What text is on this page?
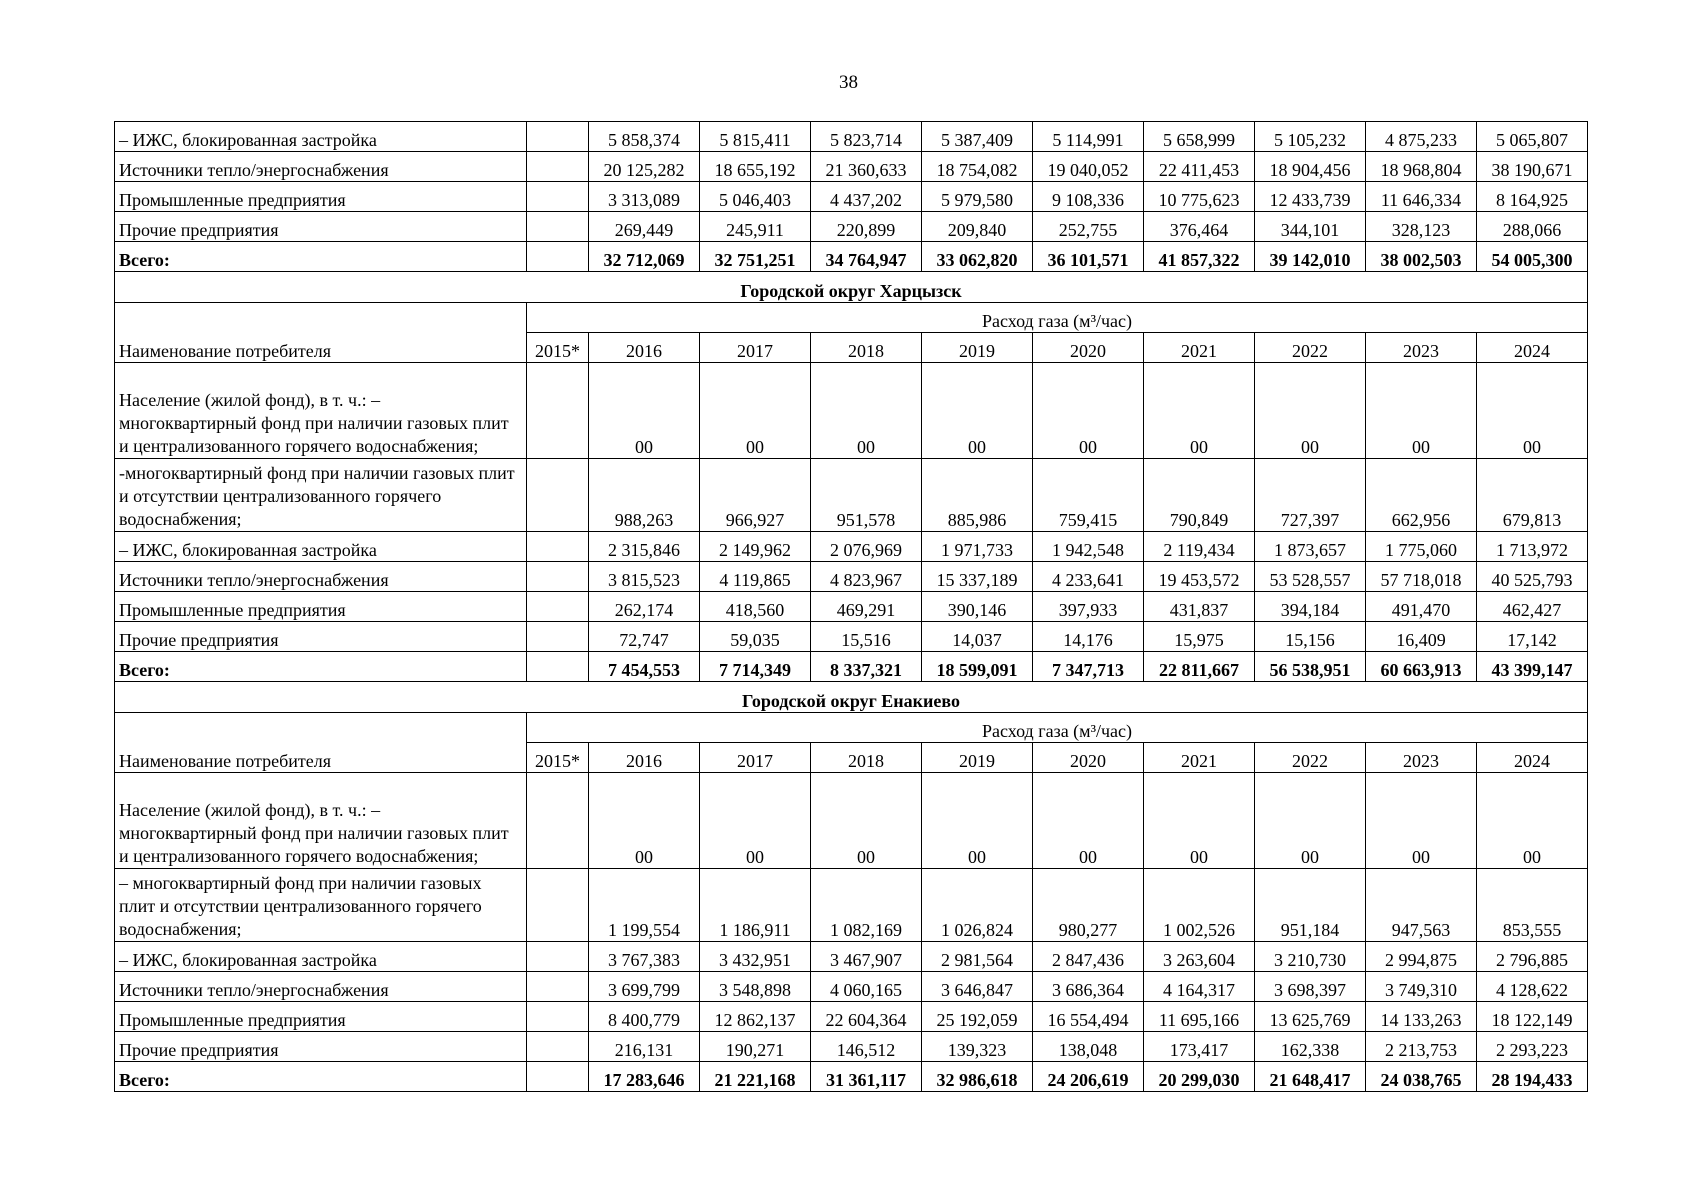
38
– ИЖС, блокированная застройка		5 858,374	5 815,411	5 823,714	5 387,409	5 114,991	5 658,999	5 105,232	4 875,233	5 065,807
Источники тепло/энергоснабжения		20 125,282	18 655,192	21 360,633	18 754,082	19 040,052	22 411,453	18 904,456	18 968,804	38 190,671
Промышленные предприятия		3 313,089	5 046,403	4 437,202	5 979,580	9 108,336	10 775,623	12 433,739	11 646,334	8 164,925
Прочие предприятия		269,449	245,911	220,899	209,840	252,755	376,464	344,101	328,123	288,066
Всего:		32 712,069	32 751,251	34 764,947	33 062,820	36 101,571	41 857,322	39 142,010	38 002,503	54 005,300
Городской округ Харцызск										
Наименование потребителя	Расход газа (м³/час)									
	2015*	2016	2017	2018	2019	2020	2021	2022	2023	2024
Население (жилой фонд), в т. ч.: – многоквартирный фонд при наличии газовых плит и централизованного горячего водоснабжения;		00	00	00	00	00	00	00	00	00
-многоквартирный фонд при наличии газовых плит и отсутствии централизованного горячего водоснабжения;		988,263	966,927	951,578	885,986	759,415	790,849	727,397	662,956	679,813
– ИЖС, блокированная застройка		2 315,846	2 149,962	2 076,969	1 971,733	1 942,548	2 119,434	1 873,657	1 775,060	1 713,972
Источники тепло/энергоснабжения		3 815,523	4 119,865	4 823,967	15 337,189	4 233,641	19 453,572	53 528,557	57 718,018	40 525,793
Промышленные предприятия		262,174	418,560	469,291	390,146	397,933	431,837	394,184	491,470	462,427
Прочие предприятия		72,747	59,035	15,516	14,037	14,176	15,975	15,156	16,409	17,142
Всего:		7 454,553	7 714,349	8 337,321	18 599,091	7 347,713	22 811,667	56 538,951	60 663,913	43 399,147
Городской округ Енакиево										
Наименование потребителя	Расход газа (м³/час)									
	2015*	2016	2017	2018	2019	2020	2021	2022	2023	2024
Население (жилой фонд), в т. ч.: – многоквартирный фонд при наличии газовых плит и централизованного горячего водоснабжения;		00	00	00	00	00	00	00	00	00
– многоквартирный фонд при наличии газовых плит и отсутствии централизованного горячего водоснабжения;		1 199,554	1 186,911	1 082,169	1 026,824	980,277	1 002,526	951,184	947,563	853,555
– ИЖС, блокированная застройка		3 767,383	3 432,951	3 467,907	2 981,564	2 847,436	3 263,604	3 210,730	2 994,875	2 796,885
Источники тепло/энергоснабжения		3 699,799	3 548,898	4 060,165	3 646,847	3 686,364	4 164,317	3 698,397	3 749,310	4 128,622
Промышленные предприятия		8 400,779	12 862,137	22 604,364	25 192,059	16 554,494	11 695,166	13 625,769	14 133,263	18 122,149
Прочие предприятия		216,131	190,271	146,512	139,323	138,048	173,417	162,338	2 213,753	2 293,223
Всего:		17 283,646	21 221,168	31 361,117	32 986,618	24 206,619	20 299,030	21 648,417	24 038,765	28 194,433
